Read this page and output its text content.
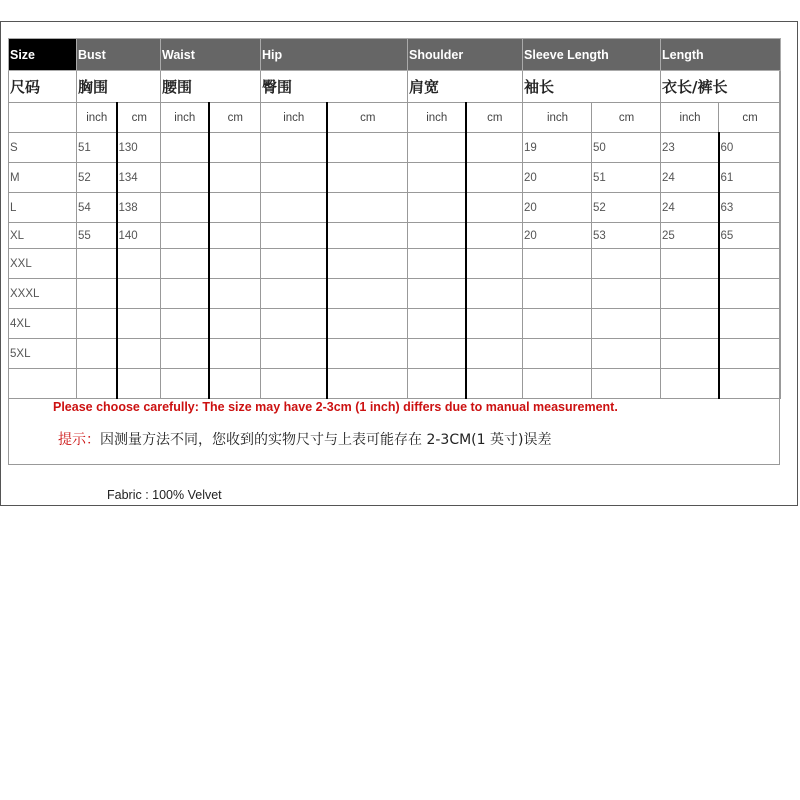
Size	Bust		Waist		Hip		Shoulder		Sleeve Length		Length	
尺码	胸围		腰围		臀围		肩宽		袖长		衣长/裤长	
	inch	cm	inch	cm	inch	cm	inch	cm	inch	cm	inch	cm
S	51	130							19	50	23	60
M	52	134							20	51	24	61
L	54	138							20	52	24	63
XL	55	140							20	53	25	65
XXL												
XXXL												
4XL												
5XL												

Please choose carefully: The size may have 2-3cm (1 inch) differs due to manual measurement.
提示：因测量方法不同，您收到的实物尺寸与上表可能存在 2-3CM(1 英寸)误差
Fabric : 100% Velvet
